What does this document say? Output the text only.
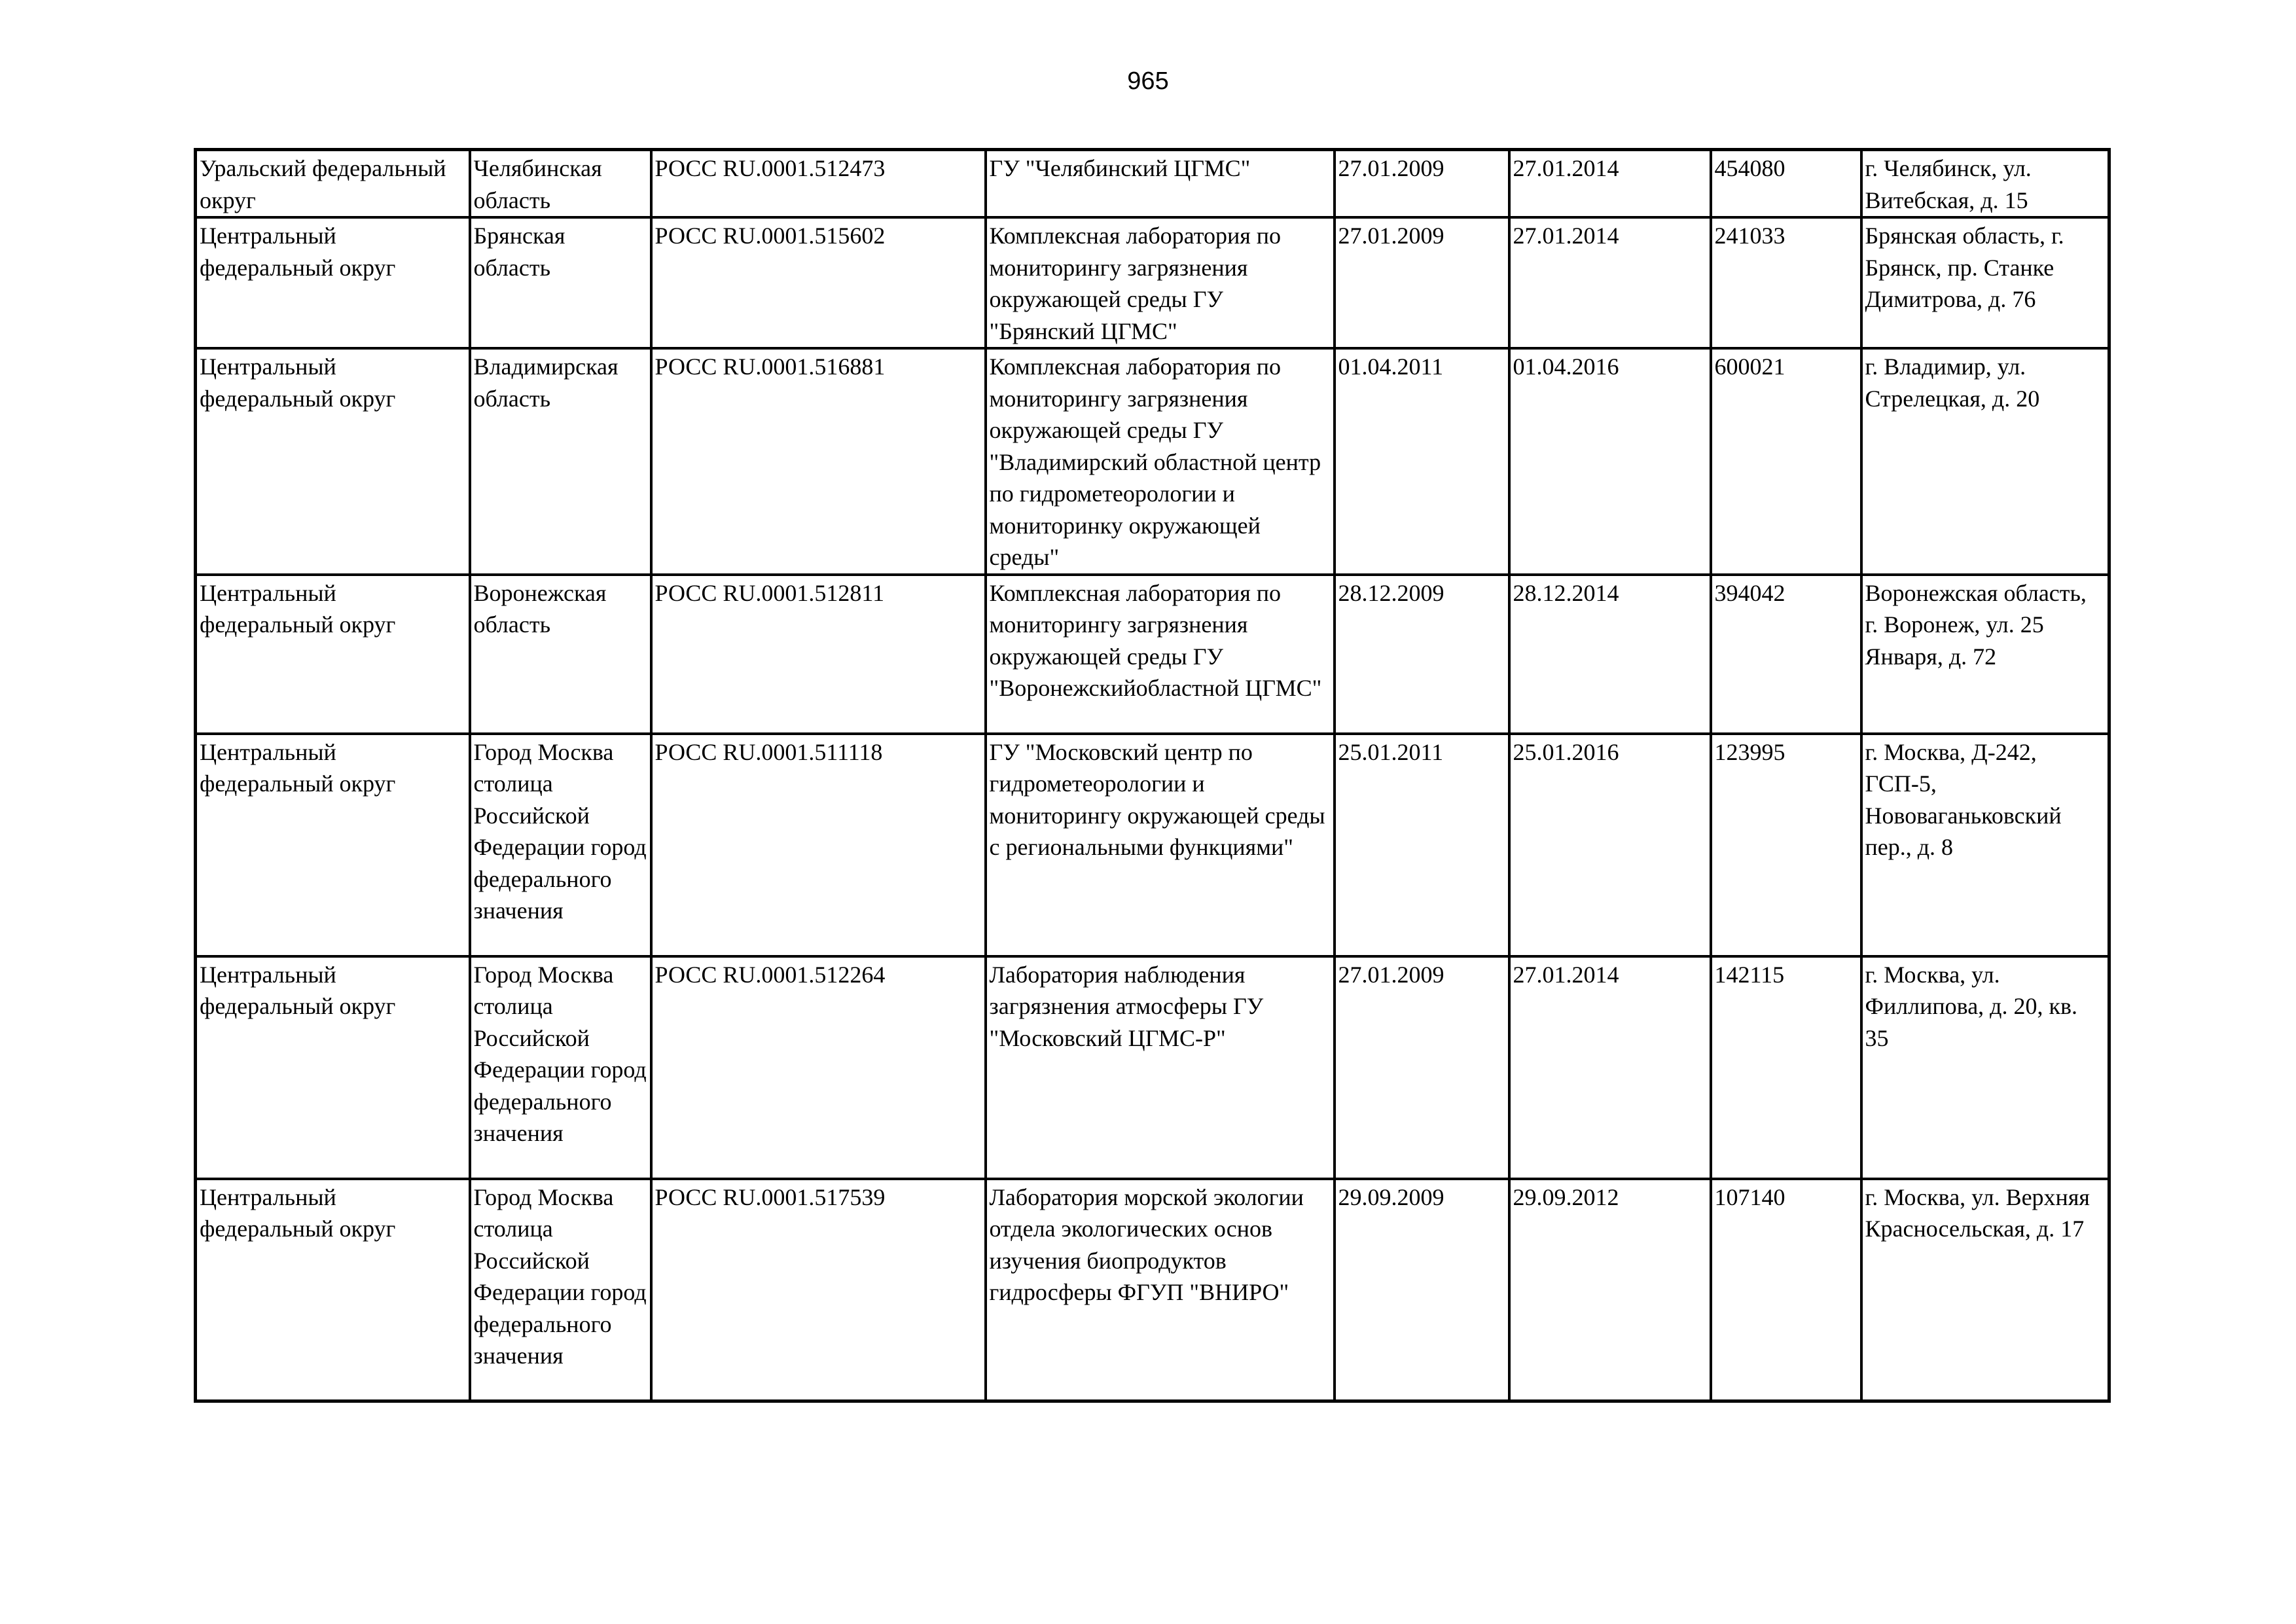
965
Уральский федеральный округ	Челябинская область	РОСС RU.0001.512473	ГУ "Челябинский ЦГМС"	27.01.2009	27.01.2014	454080	г. Челябинск, ул. Витебская, д. 15
Центральный федеральный округ	Брянская область	РОСС RU.0001.515602	Комплексная лаборатория по мониторингу загрязнения окружающей среды ГУ "Брянский ЦГМС"	27.01.2009	27.01.2014	241033	Брянская область, г. Брянск, пр. Станке Димитрова, д. 76
Центральный федеральный округ	Владимирская область	РОСС RU.0001.516881	Комплексная лаборатория по мониторингу загрязнения окружающей среды ГУ "Владимирский областной центр по гидрометеорологии и мониторинку окружающей среды"	01.04.2011	01.04.2016	600021	г. Владимир, ул. Стрелецкая, д. 20
Центральный федеральный округ	Воронежская область	РОСС RU.0001.512811	Комплексная лаборатория по мониторингу загрязнения окружающей среды ГУ "Воронежскийобластной ЦГМС"	28.12.2009	28.12.2014	394042	Воронежская область, г. Воронеж, ул. 25 Января, д. 72
Центральный федеральный округ	Город Москва столица Российской Федерации город федерального значения	РОСС RU.0001.511118	ГУ "Московский центр по гидрометеорологии и мониторингу окружающей среды с региональными функциями"	25.01.2011	25.01.2016	123995	г. Москва, Д-242, ГСП-5, Нововаганьковский пер., д. 8
Центральный федеральный округ	Город Москва столица Российской Федерации город федерального значения	РОСС RU.0001.512264	Лаборатория наблюдения загрязнения атмосферы ГУ "Московский ЦГМС-Р"	27.01.2009	27.01.2014	142115	г. Москва, ул. Филлипова, д. 20, кв. 35
Центральный федеральный округ	Город Москва столица Российской Федерации город федерального значения	РОСС RU.0001.517539	Лаборатория морской экологии отдела экологических основ изучения биопродуктов гидросферы ФГУП "ВНИРО"	29.09.2009	29.09.2012	107140	г. Москва, ул. Верхняя Красносельская, д. 17
